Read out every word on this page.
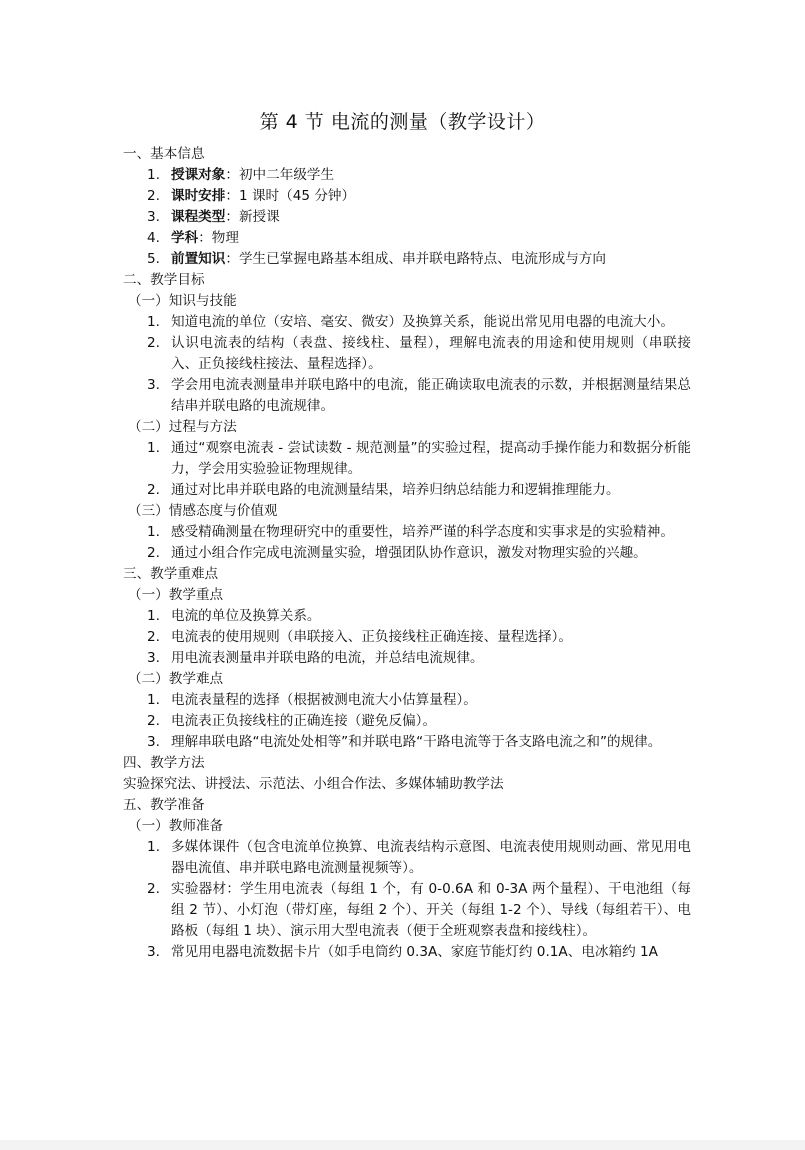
第 4 节 电流的测量（教学设计）
一、基本信息
1. 授课对象：初中二年级学生
2. 课时安排：1 课时（45 分钟）
3. 课程类型：新授课
4. 学科：物理
5. 前置知识：学生已掌握电路基本组成、串并联电路特点、电流形成与方向
二、教学目标
（一）知识与技能
1. 知道电流的单位（安培、毫安、微安）及换算关系，能说出常见用电器的电流大小。
2. 认识电流表的结构（表盘、接线柱、量程），理解电流表的用途和使用规则（串联接入、正负接线柱接法、量程选择）。
3. 学会用电流表测量串并联电路中的电流，能正确读取电流表的示数，并根据测量结果总结串并联电路的电流规律。
（二）过程与方法
1. 通过“观察电流表 - 尝试读数 - 规范测量”的实验过程，提高动手操作能力和数据分析能力，学会用实验验证物理规律。
2. 通过对比串并联电路的电流测量结果，培养归纳总结能力和逻辑推理能力。
（三）情感态度与价值观
1. 感受精确测量在物理研究中的重要性，培养严谨的科学态度和实事求是的实验精神。
2. 通过小组合作完成电流测量实验，增强团队协作意识，激发对物理实验的兴趣。
三、教学重难点
（一）教学重点
1. 电流的单位及换算关系。
2. 电流表的使用规则（串联接入、正负接线柱正确连接、量程选择）。
3. 用电流表测量串并联电路的电流，并总结电流规律。
（二）教学难点
1. 电流表量程的选择（根据被测电流大小估算量程）。
2. 电流表正负接线柱的正确连接（避免反偏）。
3. 理解串联电路“电流处处相等”和并联电路“干路电流等于各支路电流之和”的规律。
四、教学方法
实验探究法、讲授法、示范法、小组合作法、多媒体辅助教学法
五、教学准备
（一）教师准备
1. 多媒体课件（包含电流单位换算、电流表结构示意图、电流表使用规则动画、常见用电器电流值、串并联电路电流测量视频等）。
2. 实验器材：学生用电流表（每组 1 个，有 0-0.6A 和 0-3A 两个量程）、干电池组（每组 2 节）、小灯泡（带灯座，每组 2 个）、开关（每组 1-2 个）、导线（每组若干）、电路板（每组 1 块）、演示用大型电流表（便于全班观察表盘和接线柱）。
3. 常见用电器电流数据卡片（如手电筒约 0.3A、家庭节能灯约 0.1A、电冰箱约 1A
